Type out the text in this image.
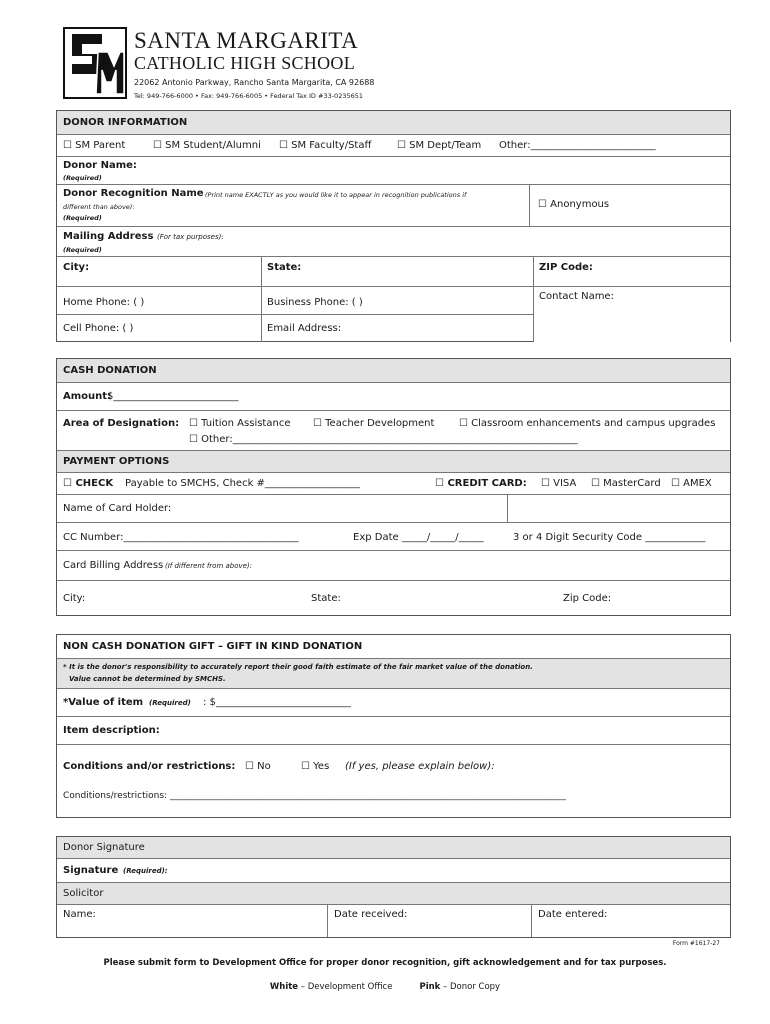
SANTA MARGARITA
CATHOLIC HIGH SCHOOL
22062 Antonio Parkway, Rancho Santa Margarita, CA 92688
Tel: 949-766-6000 • Fax: 949-766-6005 • Federal Tax ID #33-0235651
DONOR INFORMATION
☐ SM Parent	☐ SM Student/Alumni ☐ SM Faculty/Staff	☐ SM Dept/Team Other:_________________________
Donor Name:
(Required)
Donor Recognition Name (Print name EXACTLY as you would like it to appear in recognition publications if
different than above):
(Required)
☐ Anonymous
Mailing Address (For tax purposes):
(Required)
City:	State:	ZIP Code:
Home Phone: ( )	Business Phone: ( )
Cell Phone: ( )	Email Address:
Contact Name:
CASH DONATION
Amount:
$_________________________
Area of Designation: ☐ Tuition Assistance ☐ Teacher Development ☐ Classroom enhancements and campus upgrades
☐ Other:_____________________________________________________________________
PAYMENT OPTIONS
☐ CHECK Payable to SMCHS, Check #___________________	☐ CREDIT CARD: ☐ VISA ☐ MasterCard ☐ AMEX
Name of Card Holder:
CC Number:___________________________________	Exp Date _____/_____/_____	3 or 4 Digit Security Code ____________
Card Billing Address (If different from above):
City:	State:	Zip Code:
NON CASH DONATION GIFT – GIFT IN KIND DONATION
* It is the donor's responsibility to accurately report their good faith estimate of the fair market value of the donation.
Value cannot be determined by SMCHS.
*Value of item (Required) : $___________________________
Item description:
Conditions and/or restrictions: ☐ No	☐ Yes (If yes, please explain below):
Conditions/restrictions: ________________________________________________________________________________________
Donor Signature
Signature (Required):
Solicitor
Name:	Date received:	Date entered:
Form #1617-27
Please submit form to Development Office for proper donor recognition, gift acknowledgement and for tax purposes.
White – Development Office	Pink – Donor Copy
